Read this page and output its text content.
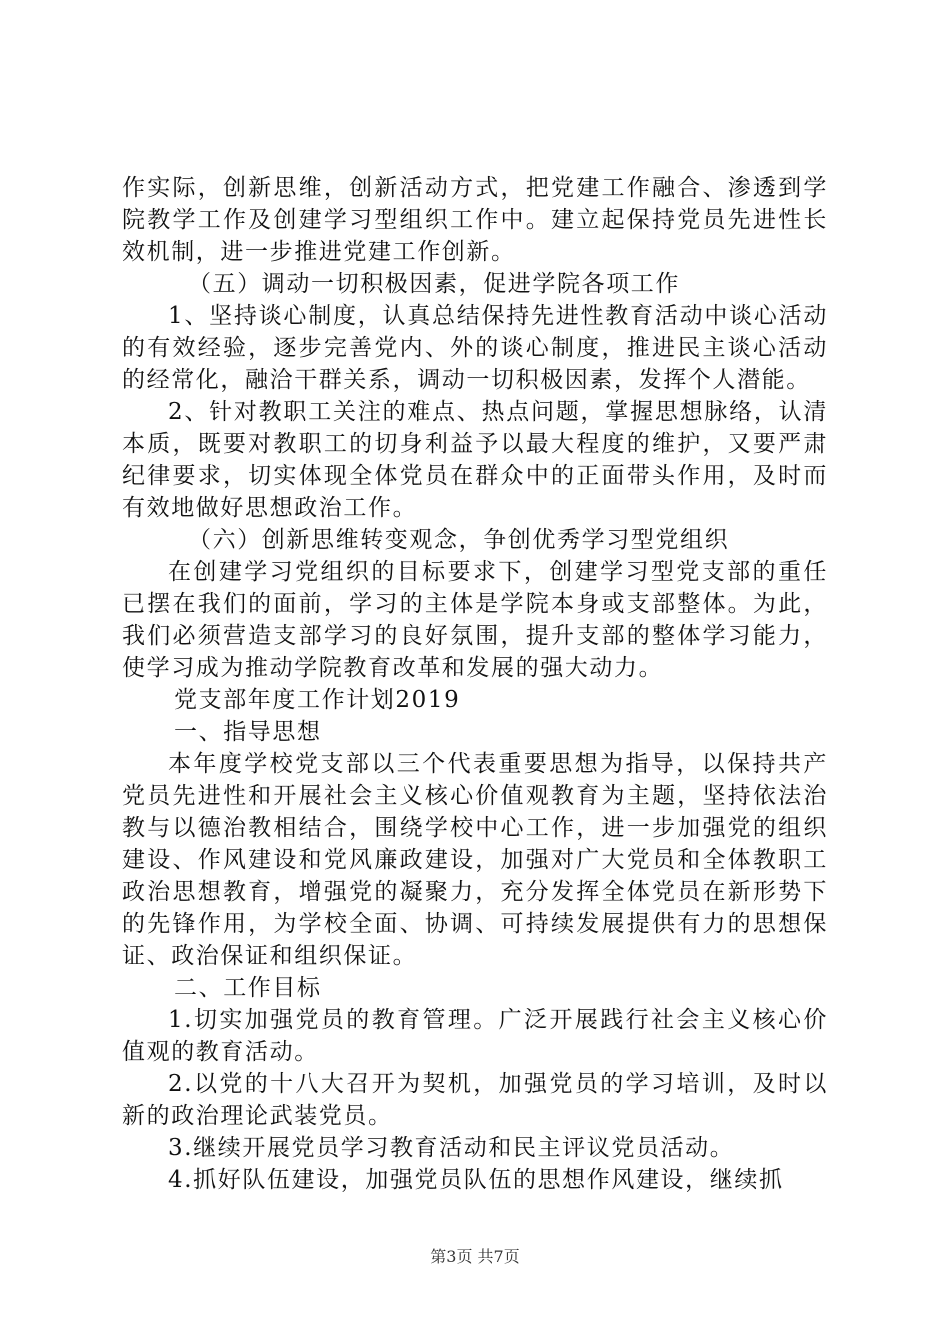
作实际，创新思维，创新活动方式，把党建工作融合、渗透到学院教学工作及创建学习型组织工作中。建立起保持党员先进性长效机制，进一步推进党建工作创新。

（五）调动一切积极因素，促进学院各项工作

1、坚持谈心制度，认真总结保持先进性教育活动中谈心活动的有效经验，逐步完善党内、外的谈心制度，推进民主谈心活动的经常化，融洽干群关系，调动一切积极因素，发挥个人潜能。

2、针对教职工关注的难点、热点问题，掌握思想脉络，认清本质，既要对教职工的切身利益予以最大程度的维护，又要严肃纪律要求，切实体现全体党员在群众中的正面带头作用，及时而有效地做好思想政治工作。

（六）创新思维转变观念，争创优秀学习型党组织

在创建学习党组织的目标要求下，创建学习型党支部的重任已摆在我们的面前，学习的主体是学院本身或支部整体。为此，我们必须营造支部学习的良好氛围，提升支部的整体学习能力，使学习成为推动学院教育改革和发展的强大动力。

党支部年度工作计划2019

一、指导思想

本年度学校党支部以三个代表重要思想为指导，以保持共产党员先进性和开展社会主义核心价值观教育为主题，坚持依法治教与以德治教相结合，围绕学校中心工作，进一步加强党的组织建设、作风建设和党风廉政建设，加强对广大党员和全体教职工政治思想教育，增强党的凝聚力，充分发挥全体党员在新形势下的先锋作用，为学校全面、协调、可持续发展提供有力的思想保证、政治保证和组织保证。

二、工作目标

1.切实加强党员的教育管理。广泛开展践行社会主义核心价值观的教育活动。

2.以党的十八大召开为契机，加强党员的学习培训，及时以新的政治理论武装党员。

3.继续开展党员学习教育活动和民主评议党员活动。

4.抓好队伍建设，加强党员队伍的思想作风建设，继续抓

第3页 共7页
